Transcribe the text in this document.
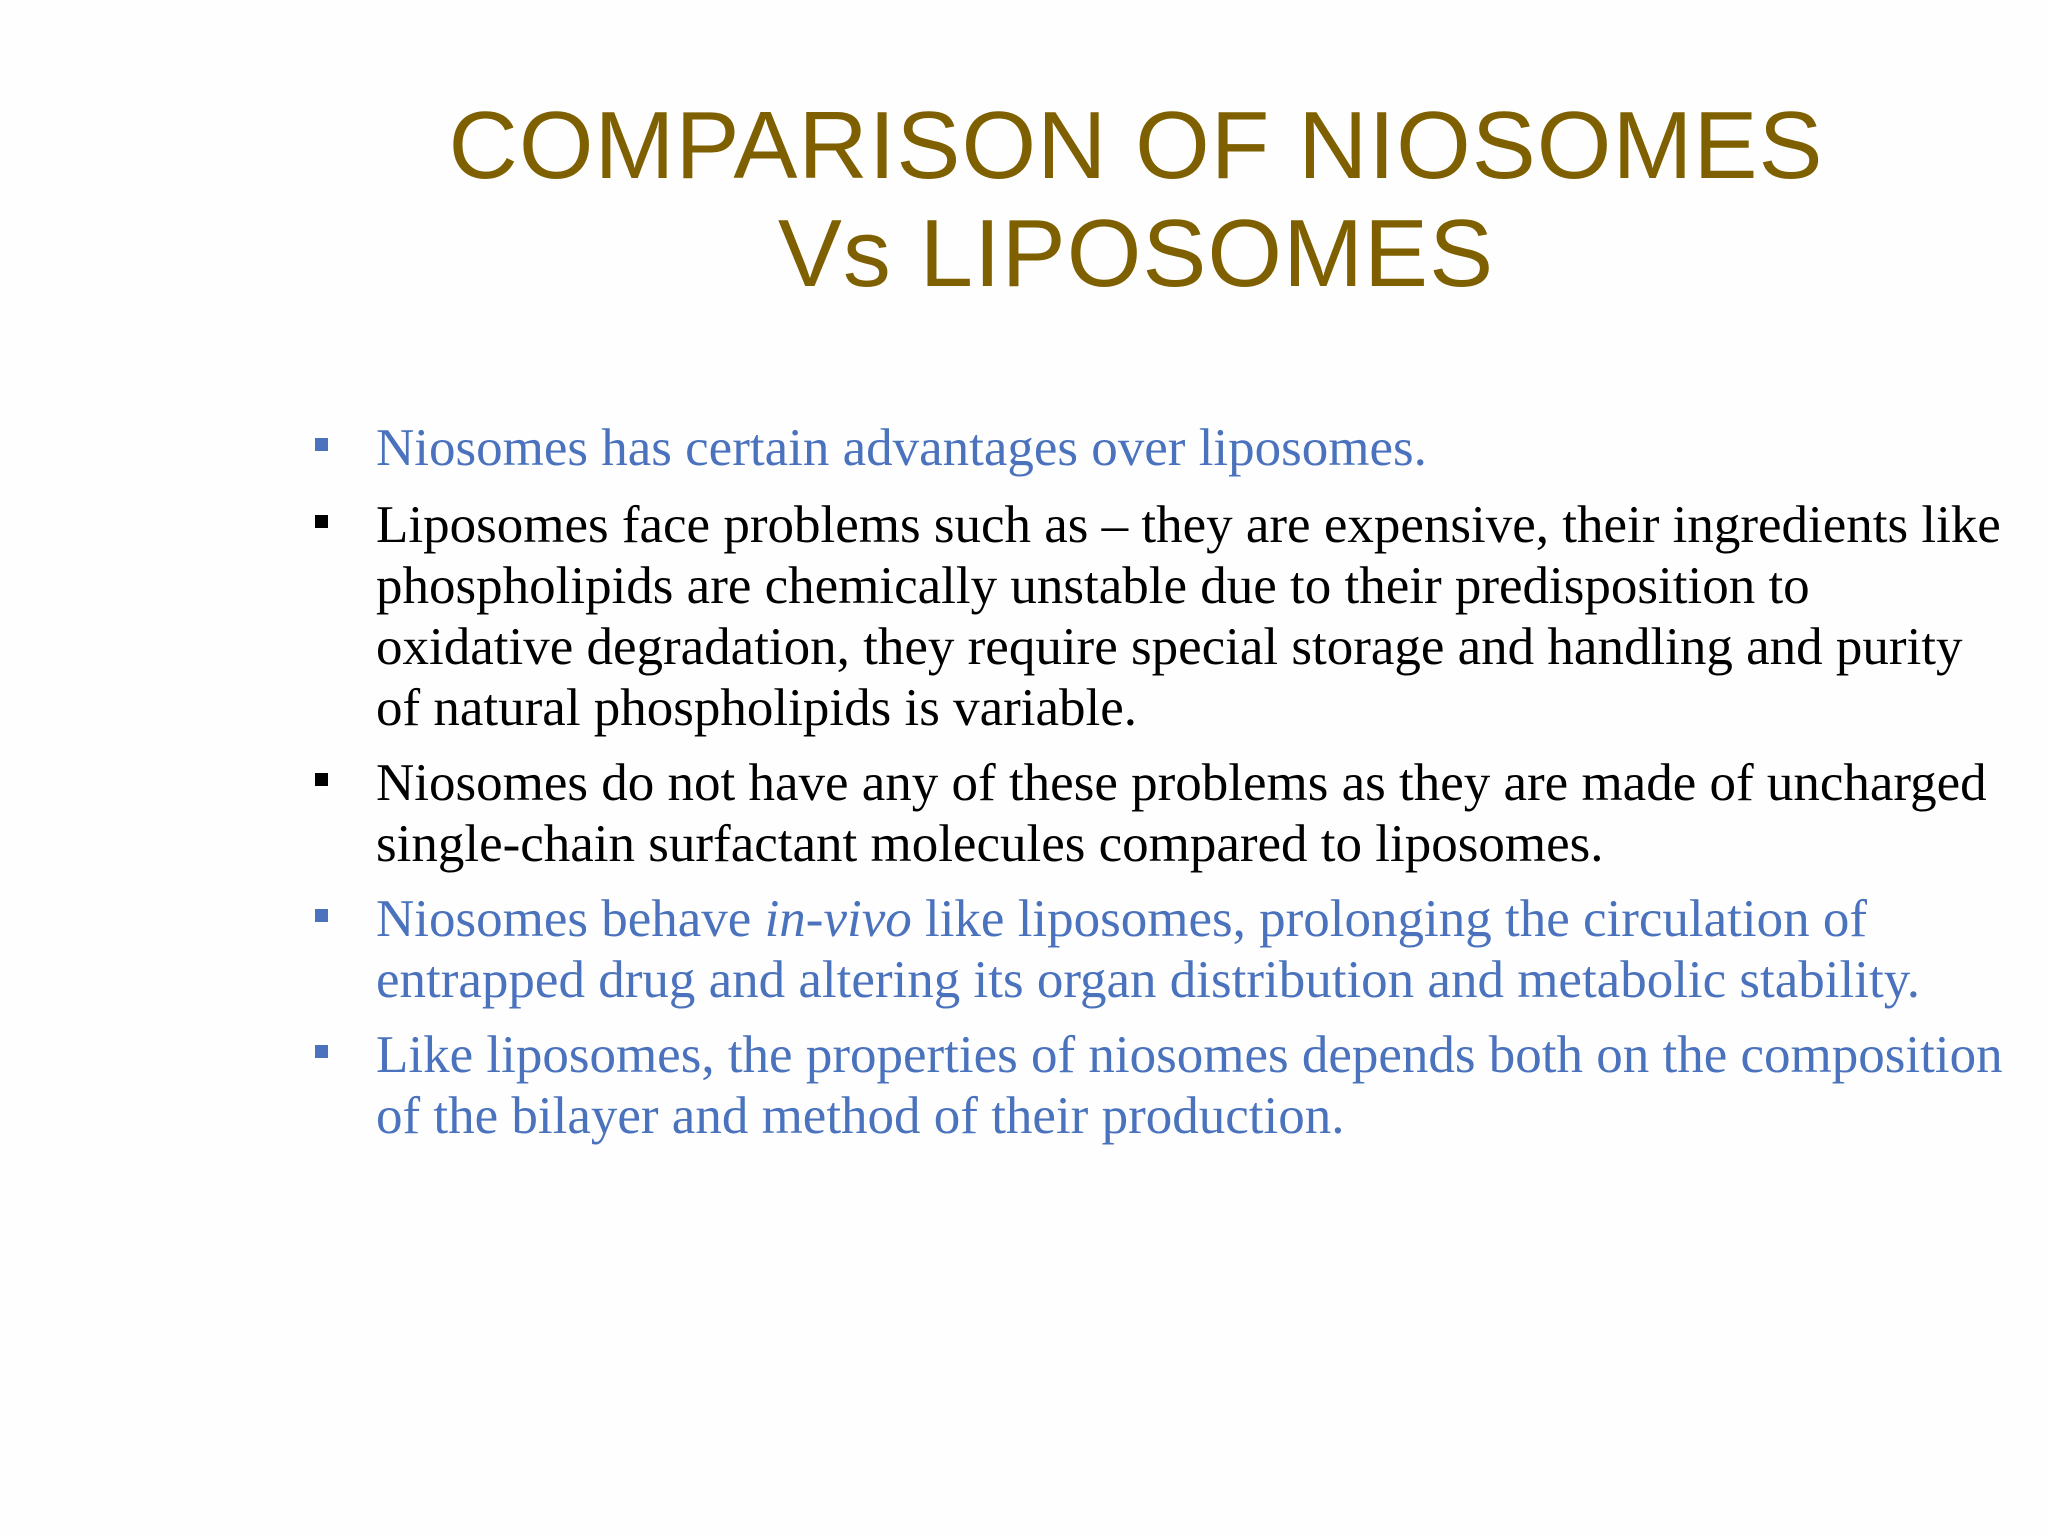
COMPARISON OF NIOSOMES Vs LIPOSOMES
Niosomes has certain advantages over liposomes.
Liposomes face problems such as – they are expensive, their ingredients like phospholipids are chemically unstable due to their predisposition to oxidative degradation, they require special storage and handling and purity of natural phospholipids is variable.
Niosomes do not have any of these problems as they are made of uncharged single-chain surfactant molecules compared to liposomes.
Niosomes behave in-vivo like liposomes, prolonging the circulation of entrapped drug and altering its organ distribution and metabolic stability.
Like liposomes, the properties of niosomes depends both on the composition of the bilayer and method of their production.
